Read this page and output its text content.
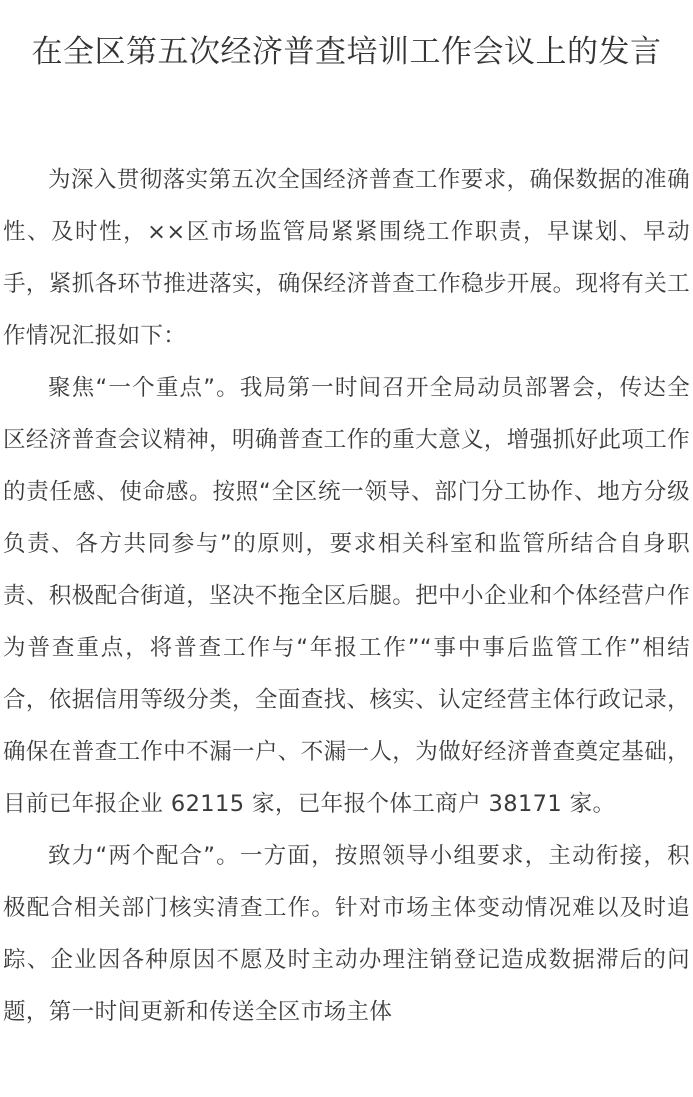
在全区第五次经济普查培训工作会议上的发言

为深入贯彻落实第五次全国经济普查工作要求，确保数据的准确性、及时性，××区市场监管局紧紧围绕工作职责，早谋划、早动手，紧抓各环节推进落实，确保经济普查工作稳步开展。现将有关工作情况汇报如下：

聚焦“一个重点”。我局第一时间召开全局动员部署会，传达全区经济普查会议精神，明确普查工作的重大意义，增强抓好此项工作的责任感、使命感。按照“全区统一领导、部门分工协作、地方分级负责、各方共同参与”的原则，要求相关科室和监管所结合自身职责、积极配合街道，坚决不拖全区后腿。把中小企业和个体经营户作为普查重点，将普查工作与“年报工作”“事中事后监管工作”相结合，依据信用等级分类，全面查找、核实、认定经营主体行政记录，确保在普查工作中不漏一户、不漏一人，为做好经济普查奠定基础，目前已年报企业 62115 家，已年报个体工商户 38171 家。

致力“两个配合”。一方面，按照领导小组要求，主动衔接，积极配合相关部门核实清查工作。针对市场主体变动情况难以及时追踪、企业因各种原因不愿及时主动办理注销登记造成数据滞后的问题，第一时间更新和传送全区市场主体
